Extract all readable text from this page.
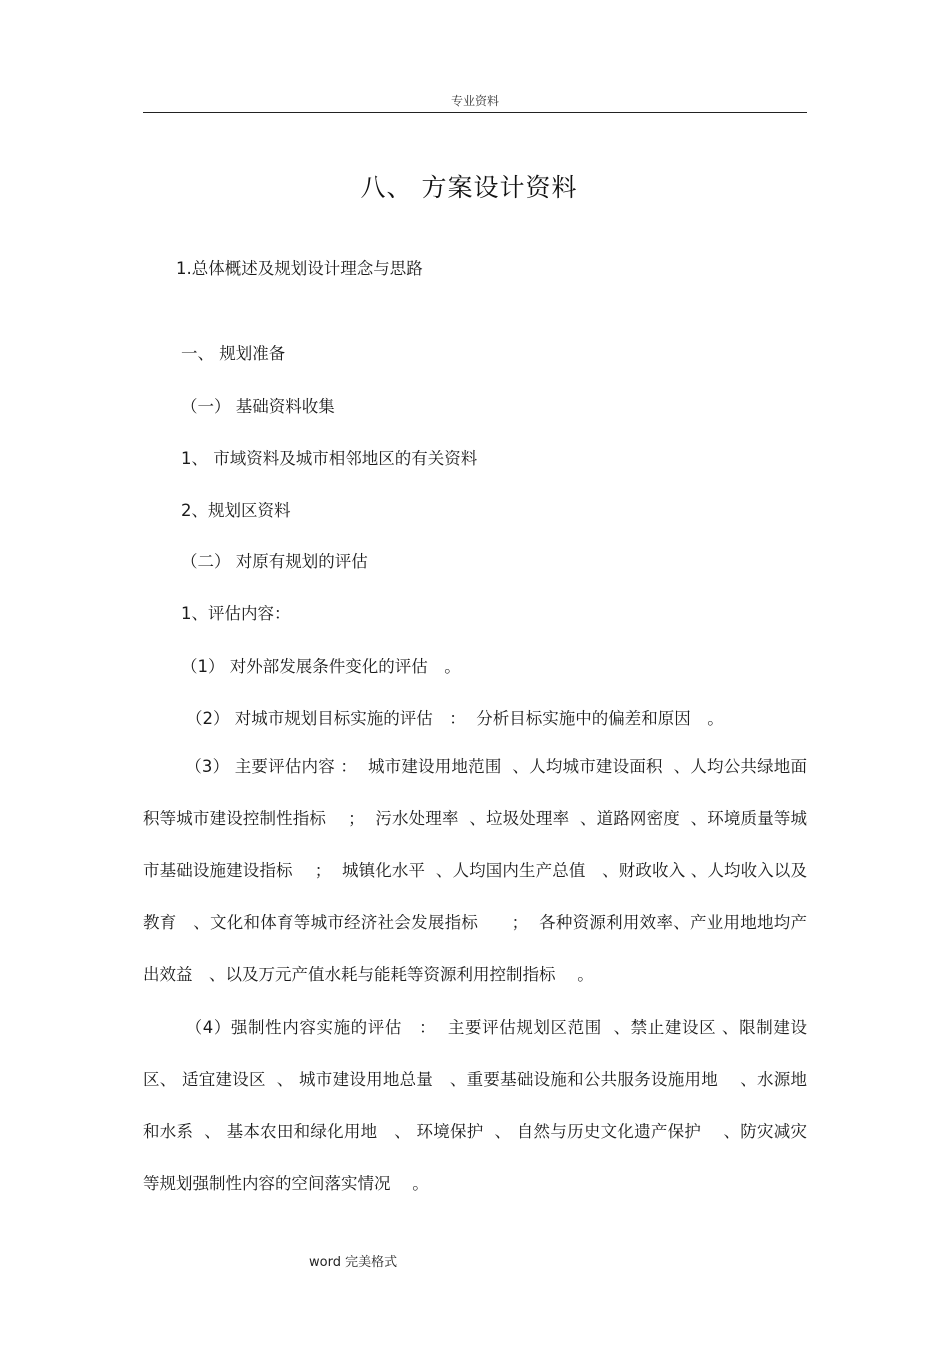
专业资料
八、 方案设计资料
1.总体概述及规划设计理念与思路
一、 规划准备
（一） 基础资料收集
1、 市域资料及城市相邻地区的有关资料
2、规划区资料
（二） 对原有规划的评估
1、评估内容：
（1） 对外部发展条件变化的评估　。
（2） 对城市规划目标实施的评估　：  分析目标实施中的偏差和原因　。
（3） 主要评估内容 ：  城市建设用地范围  、人均城市建设面积  、人均公共绿地面积等城市建设控制性指标　 ；  污水处理率  、垃圾处理率  、道路网密度  、环境质量等城市基础设施建设指标　 ；  城镇化水平  、人均国内生产总值　、财政收入 、人均收入以及教育　、文化和体育等城市经济社会发展指标　　；  各种资源利用效率、产业用地地均产出效益　、以及万元产值水耗与能耗等资源利用控制指标　 。
（4）强制性内容实施的评估　：  主要评估规划区范围  、禁止建设区 、限制建设区、 适宜建设区  、 城市建设用地总量　、重要基础设施和公共服务设施用地　 、水源地和水系  、 基本农田和绿化用地　、 环境保护  、 自然与历史文化遗产保护　 、防灾减灾等规划强制性内容的空间落实情况　 。
word 完美格式
